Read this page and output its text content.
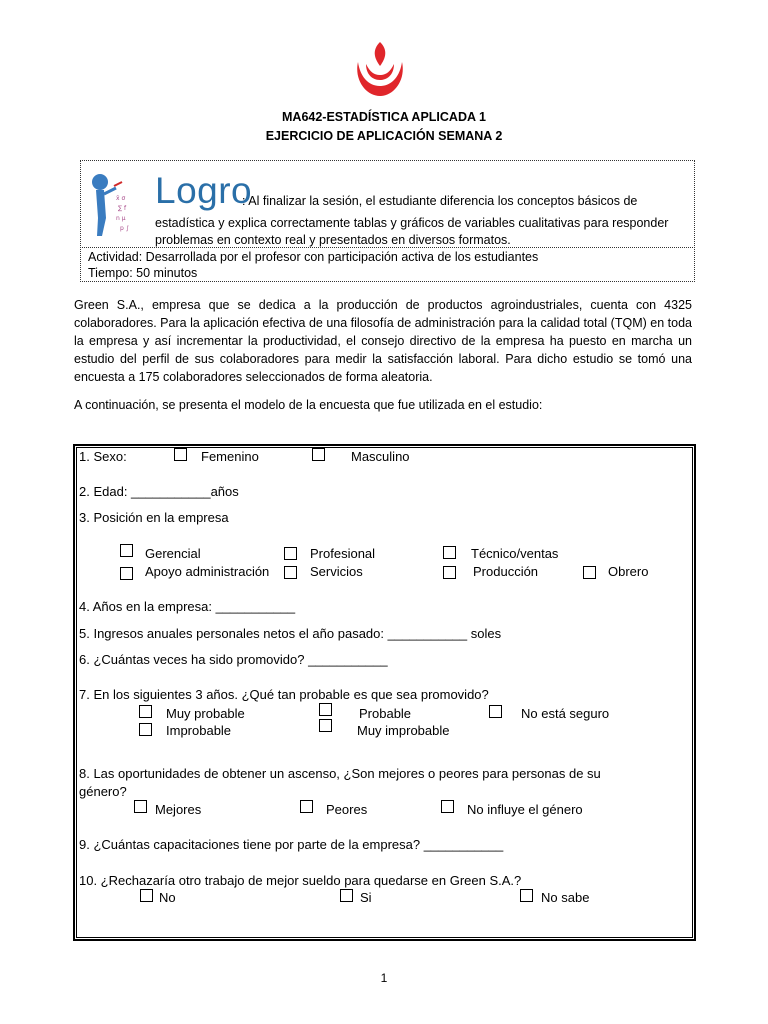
MA642-ESTADÍSTICA APLICADA 1
EJERCICIO DE APLICACIÓN SEMANA 2
x̄ σ
∑ f
n μ
p ∫
Logro
: Al finalizar la sesión, el estudiante diferencia los conceptos básicos de
estadística y explica correctamente tablas y gráficos de variables cualitativas para responder
problemas en contexto real y presentados en diversos formatos.
Actividad: Desarrollada por el profesor con participación activa de los estudiantes
Tiempo: 50 minutos
Green S.A., empresa que se dedica a la producción de productos agroindustriales, cuenta con 4325 colaboradores. Para la aplicación efectiva de una filosofía de administración para la calidad total (TQM) en toda la empresa y así incrementar la productividad, el consejo directivo de la empresa ha puesto en marcha un estudio del perfil de sus colaboradores para medir la satisfacción laboral. Para dicho estudio se tomó una encuesta a 175 colaboradores seleccionados de forma aleatoria.
A continuación, se presenta el modelo de la encuesta que fue utilizada en el estudio:
1. Sexo:	Femenino	Masculino
2. Edad: ___________años
3. Posición en la empresa
Gerencial	Profesional	Técnico/ventas
Apoyo administración	Servicios	Producción	Obrero
4. Años en la empresa: ___________
5. Ingresos anuales personales netos el año pasado: ___________ soles
6. ¿Cuántas veces ha sido promovido? ___________
7. En los siguientes 3 años. ¿Qué tan probable es que sea promovido?
Muy probable	Probable	No está seguro
Improbable	Muy improbable
8. Las oportunidades de obtener un ascenso, ¿Son mejores o peores para personas de su
género?
Mejores	Peores	No influye el género
9. ¿Cuántas capacitaciones tiene por parte de la empresa? ___________
10. ¿Rechazaría otro trabajo de mejor sueldo para quedarse en Green S.A.?
No	Si	No sabe
1
